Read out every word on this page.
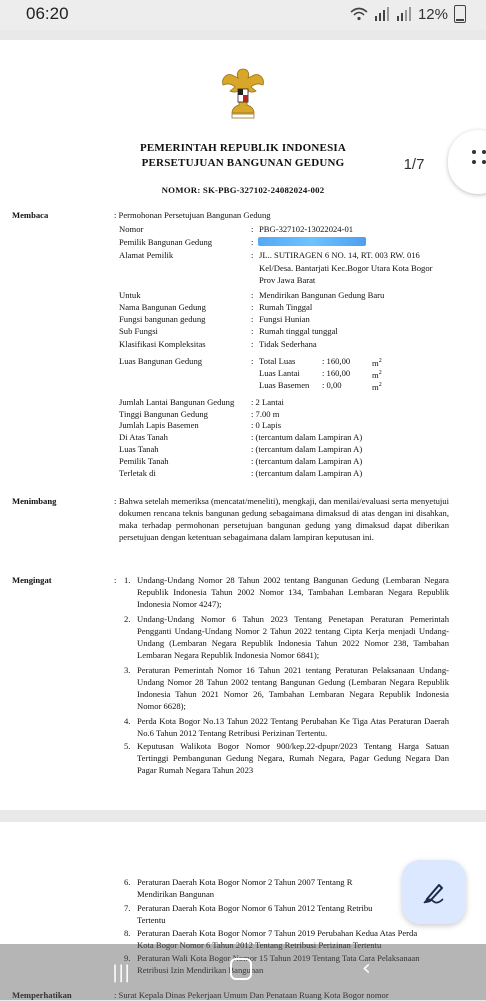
06:20	12%
PEMERINTAH REPUBLIK INDONESIA
PERSETUJUAN BANGUNAN GEDUNG
NOMOR: SK-PBG-327102-24082024-002
1/7
Membaca	: Permohonan Persetujuan Bangunan Gedung
Nomor	: PBG-327102-13022024-01
Pemilik Bangunan Gedung	:
Alamat Pemilik	: JL.. SUTIRAGEN 6 NO. 14, RT. 003 RW. 016
Kel/Desa. Bantarjati Kec.Bogor Utara Kota Bogor
Prov Jawa Barat
Untuk	: Mendirikan Bangunan Gedung Baru
Nama Bangunan Gedung	: Rumah Tinggal
Fungsi bangunan gedung	: Fungsi Hunian
Sub Fungsi	: Rumah tinggal tunggal
Klasifikasi Kompleksitas	: Tidak Sederhana
Luas Bangunan Gedung	: Total Luas	: 160,00	$m^2$
Luas Lantai	: 160,00	$m^2$
Luas Basemen : 0,00	$m^2$
Jumlah Lantai Bangunan Gedung : 2 Lantai
Tinggi Bangunan Gedung	: 7.00 m
Jumlah Lapis Basemen	: 0 Lapis
Di Atas Tanah	: (tercantum dalam Lampiran A)
Luas Tanah	: (tercantum dalam Lampiran A)
Pemilik Tanah	: (tercantum dalam Lampiran A)
Terletak di	: (tercantum dalam Lampiran A)
Menimbang	: Bahwa setelah memeriksa (mencatat/meneliti), mengkaji, dan menilai/evaluasi serta menyetujui dokumen rencana teknis bangunan gedung sebagaimana dimaksud di atas dengan ini disahkan, maka terhadap permohonan persetujuan bangunan gedung yang dimaksud dapat diberikan persetujuan dengan ketentuan sebagaimana dalam lampiran keputusan ini.
Mengingat	: 1. Undang-Undang Nomor 28 Tahun 2002 tentang Bangunan Gedung (Lembaran Negara Republik Indonesia Tahun 2002 Nomor 134, Tambahan Lembaran Negara Republik Indonesia Nomor 4247);
2. Undang-Undang Nomor 6 Tahun 2023 Tentang Penetapan Peraturan Pemerintah Pengganti Undang-Undang Nomor 2 Tahun 2022 tentang Cipta Kerja menjadi Undang-Undang (Lembaran Negara Republik Indonesia Tahun 2022 Nomor 238, Tambahan Lembaran Negara Republik Indonesia Nomor 6841);
3. Peraturan Pemerintah Nomor 16 Tahun 2021 tentang Peraturan Pelaksanaan Undang-Undang Nomor 28 Tahun 2002 tentang Bangunan Gedung (Lembaran Negara Republik Indonesia Tahun 2021 Nomor 26, Tambahan Lembaran Negara Republik Indonesia Nomor 6628);
4. Perda Kota Bogor No.13 Tahun 2022 Tentang Perubahan Ke Tiga Atas Peraturan Daerah No.6 Tahun 2012 Tentang Retribusi Perizinan Tertentu.
5. Keputusan Walikota Bogor Nomor 900/kep.22-dpupr/2023 Tentang Harga Satuan Tertinggi Pembangunan Gedung Negara, Rumah Negara, Pagar Gedung Negara Dan Pagar Rumah Negara Tahun 2023
6. Peraturan Daerah Kota Bogor Nomor 2 Tahun 2007 Tentang R
Mendirikan Bangunan
7. Peraturan Daerah Kota Bogor Nomor 6 Tahun 2012 Tentang Retribu
Tertentu
8. Peraturan Daerah Kota Bogor Nomor 7 Tahun 2019 Perubahan Kedua Atas Perda
Kota Bogor Nomor 6 Tahun 2012 Tentang Retribusi Perizinan Tertentu
9. Peraturan Wali Kota Bogor Nomor 15 Tahun 2019 Tentang Tata Cara Pelaksanaan
Retribusi Izin Mendirikan Bangunan
Memperhatikan	: Surat Kepala Dinas Pekerjaan Umum Dan Penataan Ruang Kota Bogor nomor
|||	‹
